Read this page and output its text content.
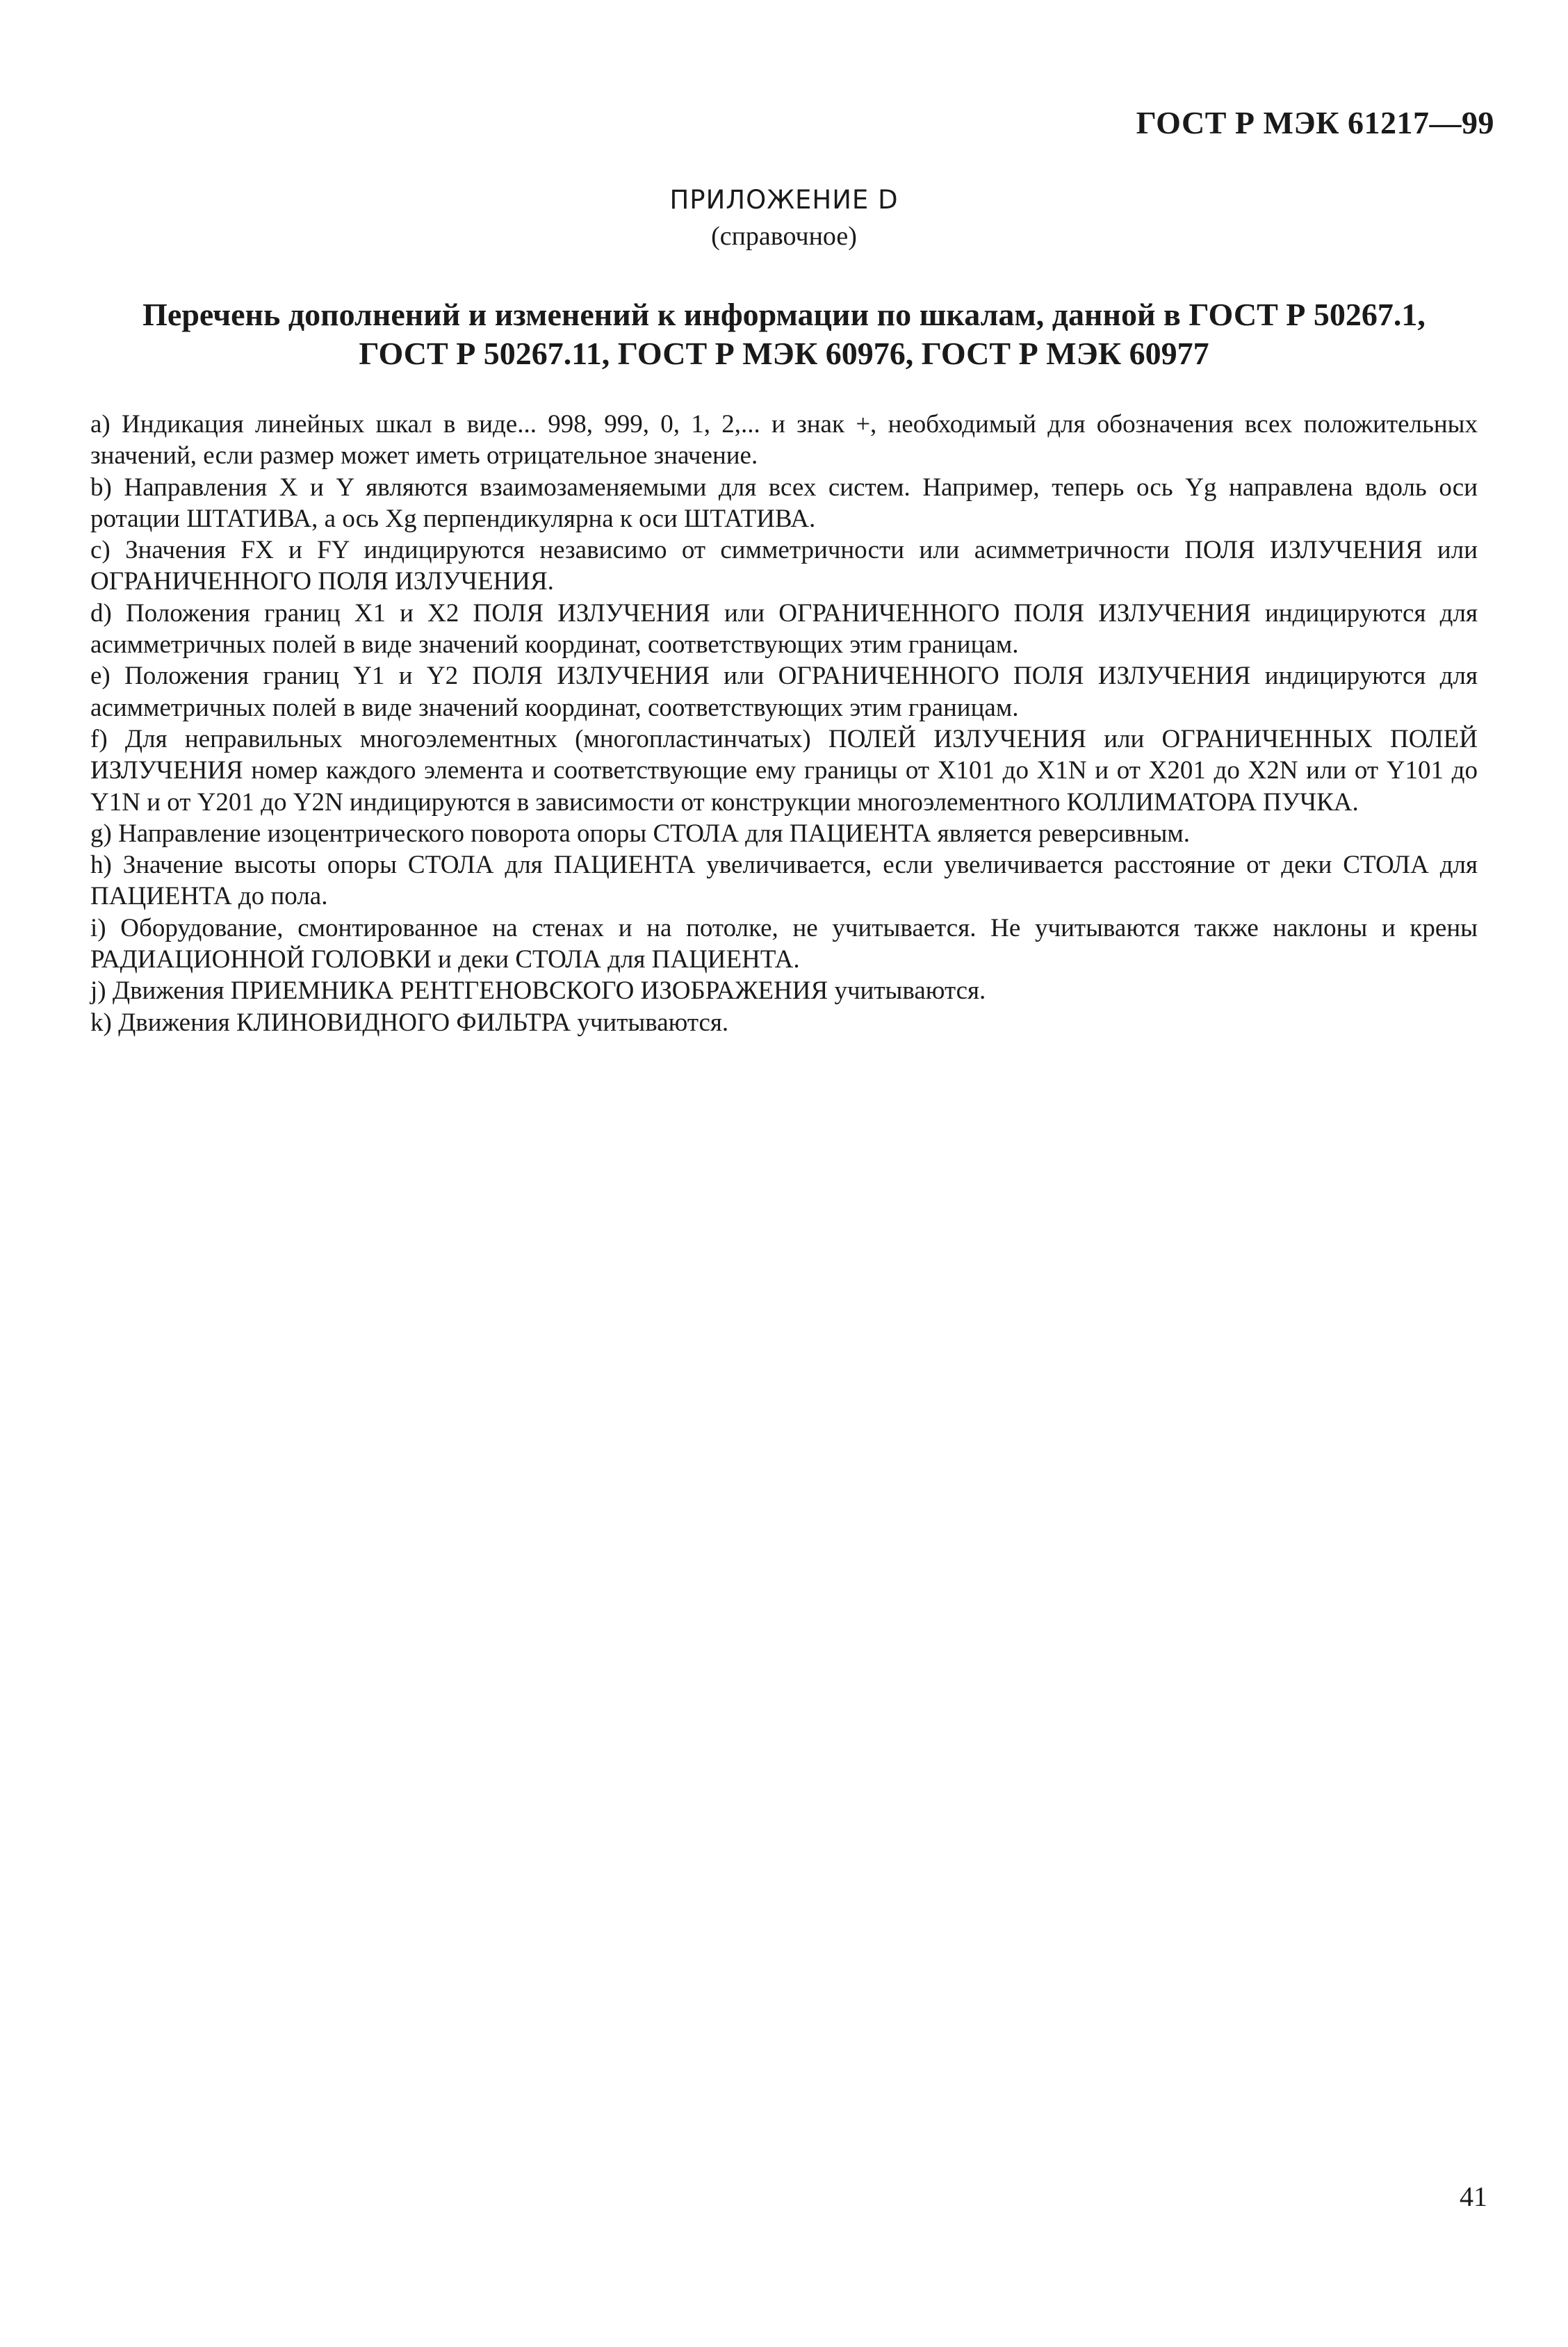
ГОСТ Р МЭК 61217—99
ПРИЛОЖЕНИЕ D
(справочное)
Перечень дополнений и изменений к информации по шкалам, данной в ГОСТ Р 50267.1,
ГОСТ Р 50267.11, ГОСТ Р МЭК 60976, ГОСТ Р МЭК 60977

a) Индикация линейных шкал в виде... 998, 999, 0, 1, 2,... и знак +, необходимый для обозначения всех положительных значений, если размер может иметь отрицательное значение.

b) Направления X и Y являются взаимозаменяемыми для всех систем. Например, теперь ось Yg направлена вдоль оси ротации ШТАТИВА, а ось Xg перпендикулярна к оси ШТАТИВА.

c) Значения FX и FY индицируются независимо от симметричности или асимметричности ПОЛЯ ИЗЛУЧЕНИЯ или ОГРАНИЧЕННОГО ПОЛЯ ИЗЛУЧЕНИЯ.

d) Положения границ X1 и X2 ПОЛЯ ИЗЛУЧЕНИЯ или ОГРАНИЧЕННОГО ПОЛЯ ИЗЛУЧЕНИЯ индицируются для асимметричных полей в виде значений координат, соответствующих этим границам.

e) Положения границ Y1 и Y2 ПОЛЯ ИЗЛУЧЕНИЯ или ОГРАНИЧЕННОГО ПОЛЯ ИЗЛУЧЕНИЯ индицируются для асимметричных полей в виде значений координат, соответствующих этим границам.

f) Для неправильных многоэлементных (многопластинчатых) ПОЛЕЙ ИЗЛУЧЕНИЯ или ОГРАНИЧЕННЫХ ПОЛЕЙ ИЗЛУЧЕНИЯ номер каждого элемента и соответствующие ему границы от X101 до X1N и от X201 до X2N или от Y101 до Y1N и от Y201 до Y2N индицируются в зависимости от конструкции многоэлементного КОЛЛИМАТОРА ПУЧКА.

g) Направление изоцентрического поворота опоры СТОЛА для ПАЦИЕНТА является реверсивным.

h) Значение высоты опоры СТОЛА для ПАЦИЕНТА увеличивается, если увеличивается расстояние от деки СТОЛА для ПАЦИЕНТА до пола.

i) Оборудование, смонтированное на стенах и на потолке, не учитывается. Не учитываются также наклоны и крены РАДИАЦИОННОЙ ГОЛОВКИ и деки СТОЛА для ПАЦИЕНТА.

j) Движения ПРИЕМНИКА РЕНТГЕНОВСКОГО ИЗОБРАЖЕНИЯ учитываются.

k) Движения КЛИНОВИДНОГО ФИЛЬТРА учитываются.

41
